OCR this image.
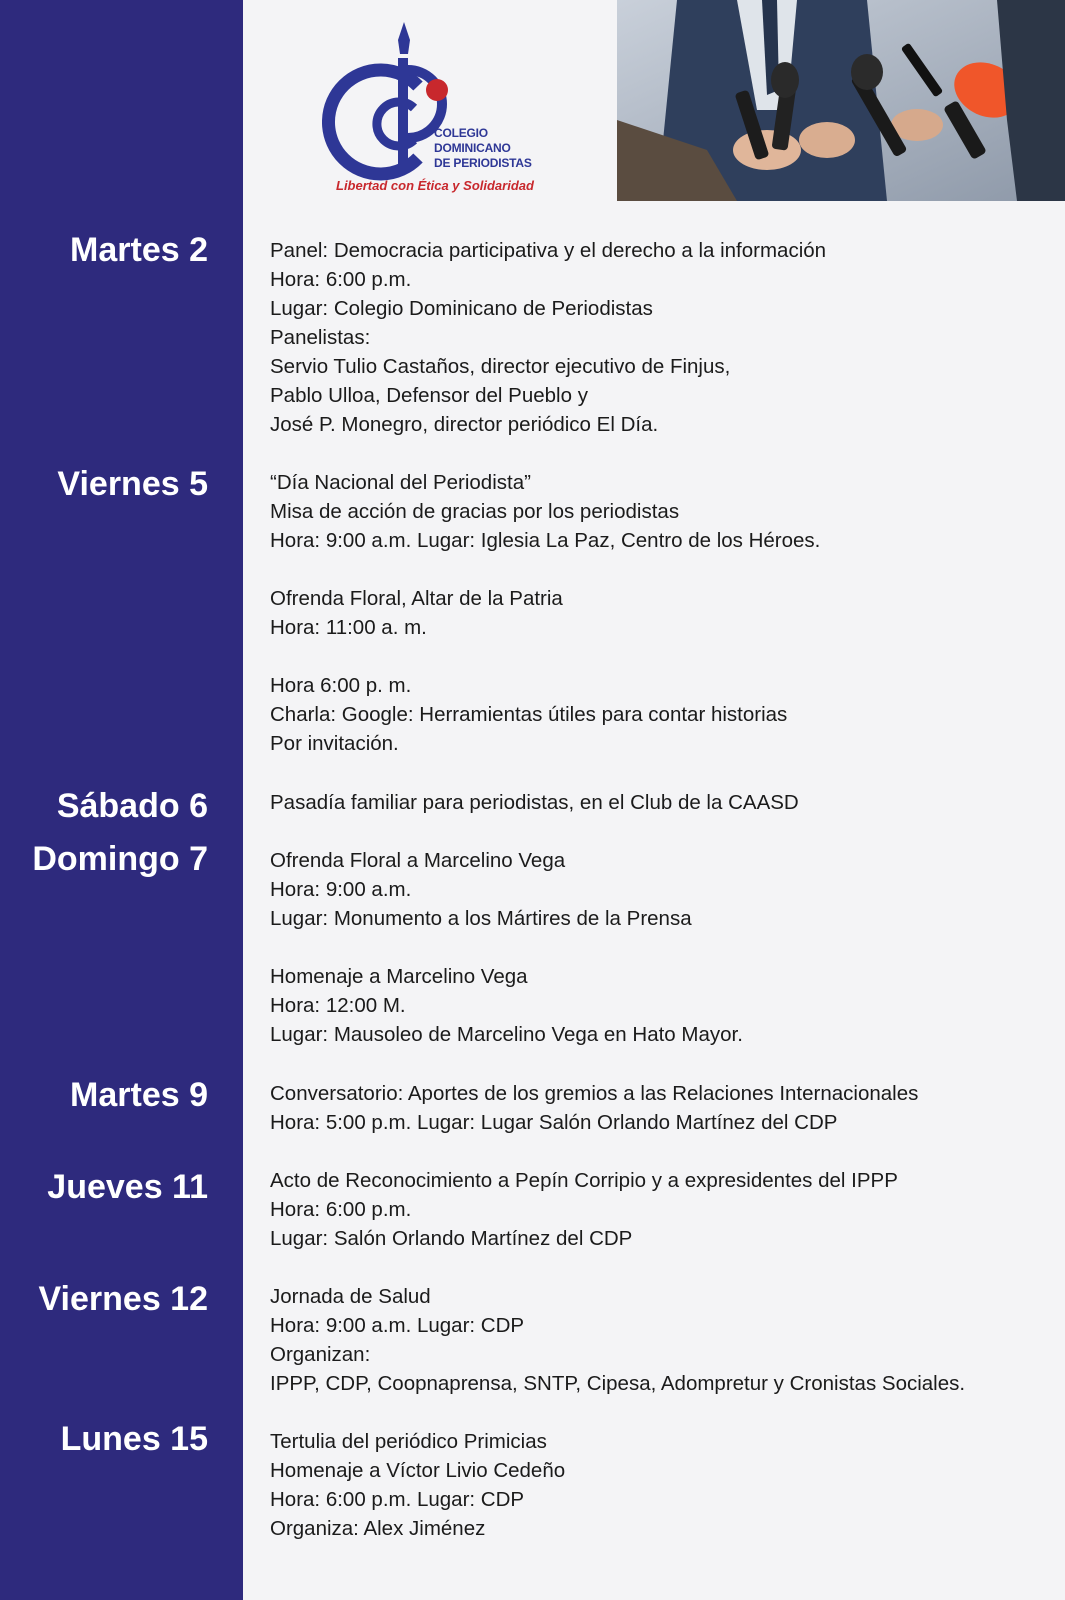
COLEGIO
DOMINICANO
DE PERIODISTAS
Libertad con Ética y Solidaridad
Martes 2	Panel: Democracia participativa y el derecho a la información
Hora: 6:00 p.m.
Lugar: Colegio Dominicano de Periodistas
Panelistas:
Servio Tulio Castaños, director ejecutivo de Finjus,
Pablo Ulloa, Defensor del Pueblo y
José P. Monegro, director periódico El Día.
Viernes 5	“Día Nacional del Periodista”
Misa de acción de gracias por los periodistas
Hora: 9:00 a.m. Lugar: Iglesia La Paz, Centro de los Héroes.
Ofrenda Floral, Altar de la Patria
Hora: 11:00 a. m.
Hora 6:00 p. m.
Charla: Google: Herramientas útiles para contar historias
Por invitación.
Sábado 6	Pasadía familiar para periodistas, en el Club de la CAASD
Domingo 7	Ofrenda Floral a Marcelino Vega
Hora: 9:00 a.m.
Lugar: Monumento a los Mártires de la Prensa
Homenaje a Marcelino Vega
Hora: 12:00 M.
Lugar: Mausoleo de Marcelino Vega en Hato Mayor.
Martes 9	Conversatorio: Aportes de los gremios a las Relaciones Internacionales
Hora: 5:00 p.m. Lugar: Lugar Salón Orlando Martínez del CDP
Jueves 11	Acto de Reconocimiento a Pepín Corripio y a expresidentes del IPPP
Hora: 6:00 p.m.
Lugar: Salón Orlando Martínez del CDP
Viernes 12	Jornada de Salud
Hora: 9:00 a.m. Lugar: CDP
Organizan:
IPPP, CDP, Coopnaprensa, SNTP, Cipesa, Adompretur y Cronistas Sociales.
Lunes 15	Tertulia del periódico Primicias
Homenaje a Víctor Livio Cedeño
Hora: 6:00 p.m. Lugar: CDP
Organiza: Alex Jiménez
